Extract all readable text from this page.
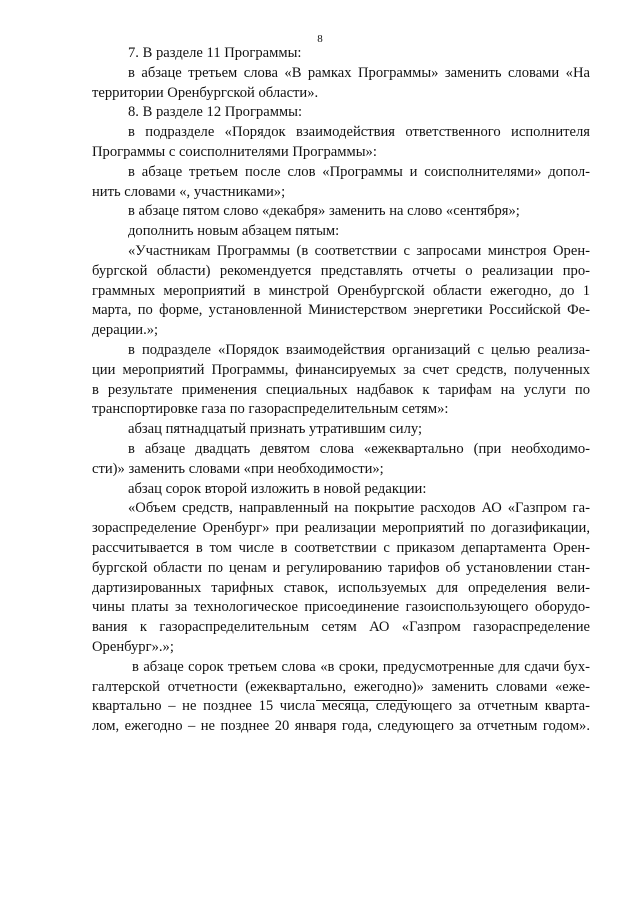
8
7. В разделе 11 Программы:
в абзаце третьем слова «В рамках Программы» заменить словами «На
территории Оренбургской области».
8. В разделе 12 Программы:
в подразделе «Порядок взаимодействия ответственного исполнителя
Программы с соисполнителями Программы»:
в абзаце третьем после слов «Программы и соисполнителями» допол-
нить словами «, участниками»;
в абзаце пятом слово «декабря» заменить на слово «сентября»;
дополнить новым абзацем пятым:
«Участникам Программы (в соответствии с запросами минстроя Орен-
бургской области) рекомендуется представлять отчеты о реализации про-
граммных мероприятий в минстрой Оренбургской области ежегодно, до 1
марта, по форме, установленной Министерством энергетики Российской Фе-
дерации.»;
в подразделе «Порядок взаимодействия организаций с целью реализа-
ции мероприятий Программы, финансируемых за счет средств, полученных
в результате применения специальных надбавок к тарифам на услуги по
транспортировке газа по газораспределительным сетям»:
абзац пятнадцатый признать утратившим силу;
в абзаце двадцать девятом слова «ежеквартально (при необходимо-
сти)» заменить словами «при необходимости»;
абзац сорок второй изложить в новой редакции:
«Объем средств, направленный на покрытие расходов АО «Газпром га-
зораспределение Оренбург» при реализации мероприятий по догазификации,
рассчитывается в том числе в соответствии с приказом департамента Орен-
бургской области по ценам и регулированию тарифов об установлении стан-
дартизированных тарифных ставок, используемых для определения вели-
чины платы за технологическое присоединение газоиспользующего оборудо-
вания к газораспределительным сетям АО «Газпром газораспределение
Оренбург».»;
в абзаце сорок третьем слова «в сроки, предусмотренные для сдачи бух-
галтерской отчетности (ежеквартально, ежегодно)» заменить словами «еже-
квартально – не позднее 15 числа месяца, следующего за отчетным кварта-
лом, ежегодно – не позднее 20 января года, следующего за отчетным годом».
